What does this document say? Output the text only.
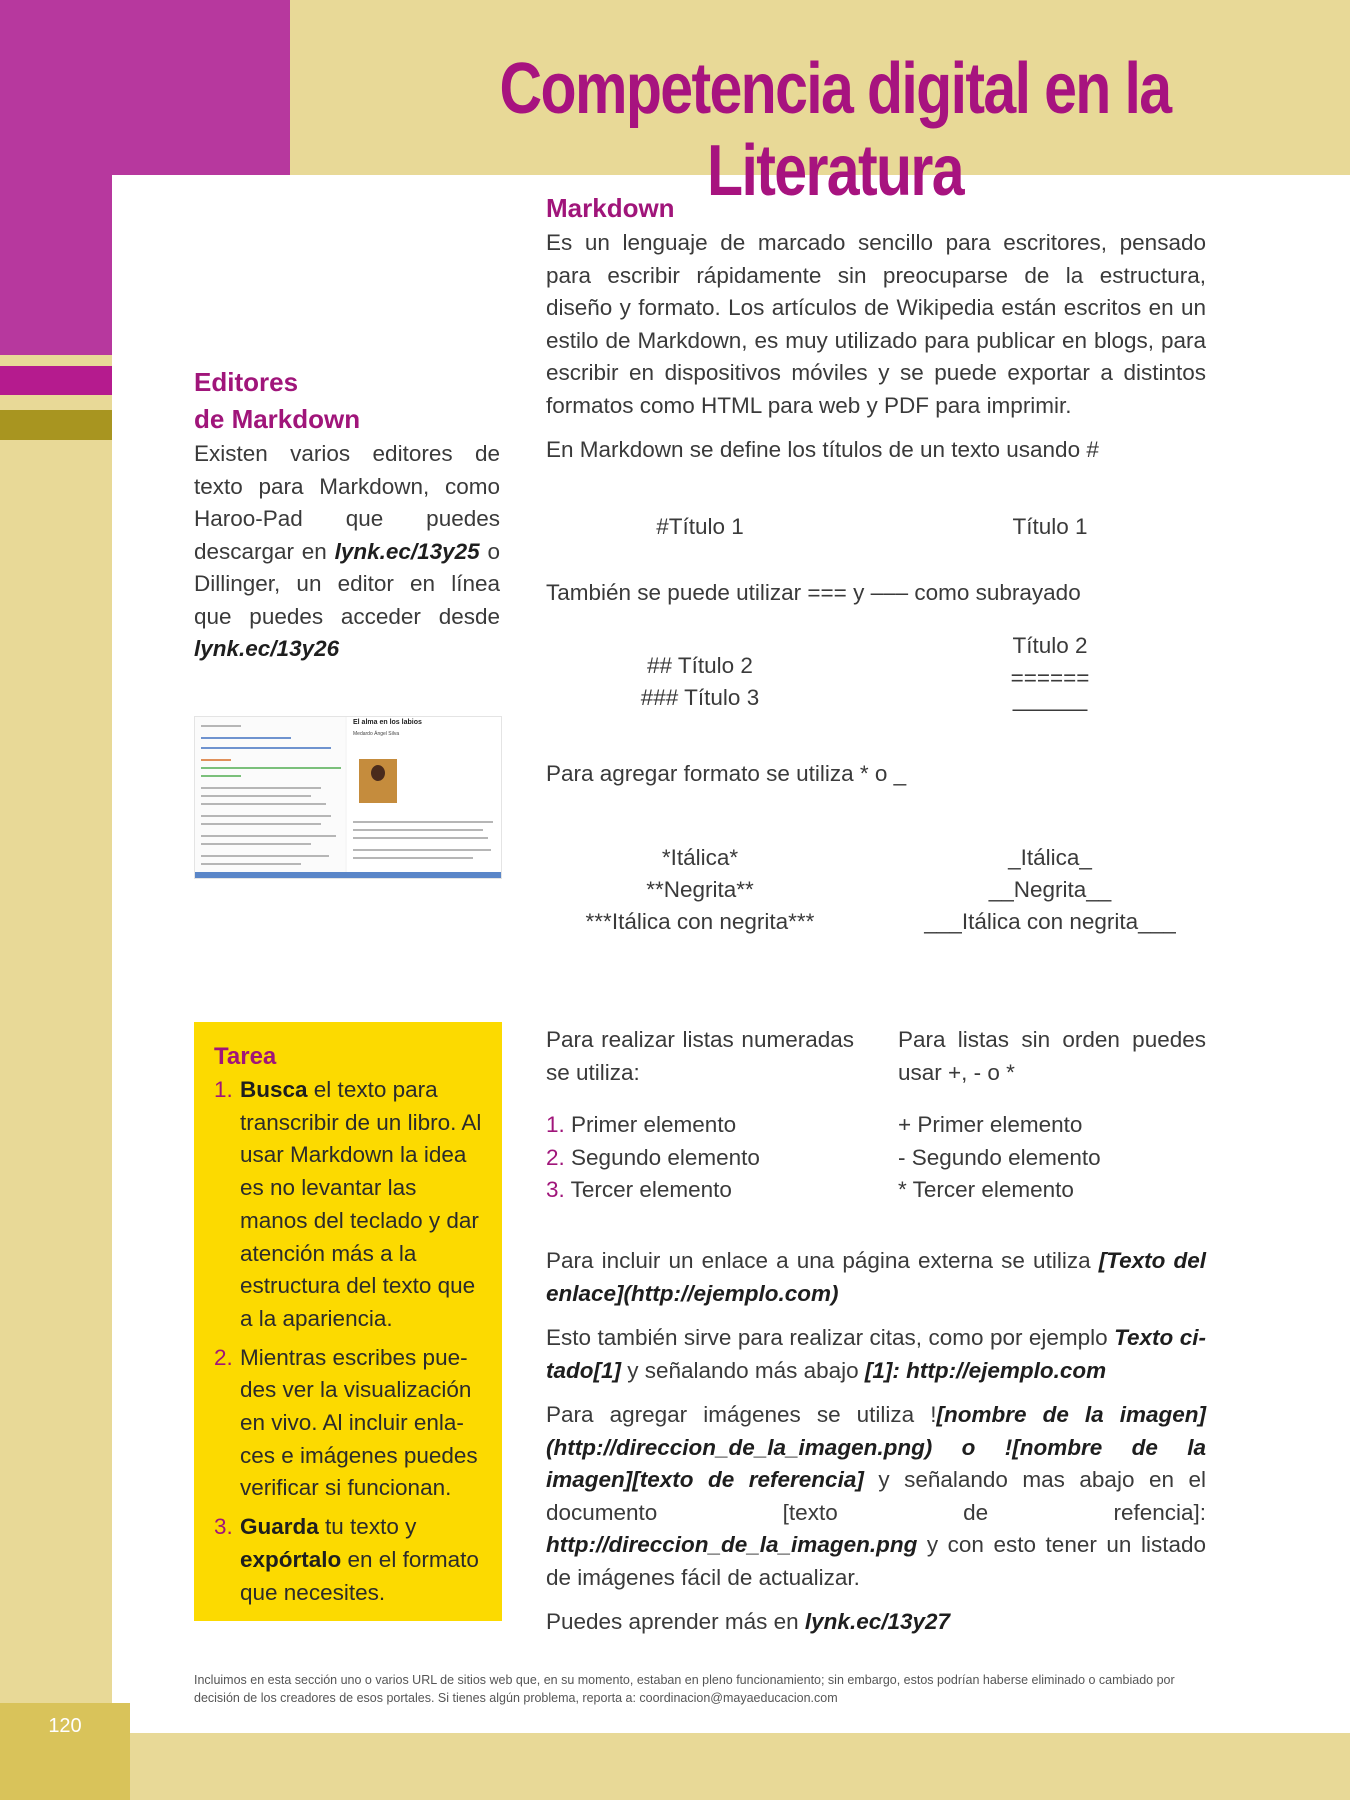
120
Competencia digital en la Literatura
Editores
de Markdown

Existen varios editores de texto para Markdown, como Haroo-Pad que puedes descargar en lynk.ec/13y25 o Dillinger, un editor en línea que puedes acceder desde lynk.ec/13y26

El alma en los labios
Medardo Ángel Silva
Tarea
1. Busca el texto para transcribir de un libro. Al usar Markdown la idea es no levantar las manos del teclado y dar atención más a la estructura del texto que a la apariencia.
2. Mientras escribes pue-des ver la visualización en vivo. Al incluir enla-ces e imágenes puedes verificar si funcionan.
3. Guarda tu texto y expórtalo en el formato que necesites.
Markdown

Es un lenguaje de marcado sencillo para escritores, pensado para escribir rápidamente sin preocuparse de la estructura, diseño y formato. Los artículos de Wikipedia están escritos en un estilo de Markdown, es muy utilizado para publicar en blogs, para escribir en dispositivos móviles y se puede exportar a distintos formatos como HTML para web y PDF para imprimir.

En Markdown se define los títulos de un texto usando #

#Título 1	Título 1
También se puede utilizar === y ––– como subrayado
## Título 2
### Título 3
Título 2
======
––––––
Para agregar formato se utiliza * o _
*Itálica*
**Negrita**
***Itálica con negrita***
_Itálica_
__Negrita__
___Itálica con negrita___

Para realizar listas numeradas se utiliza:

1. Primer elemento
2. Segundo elemento
3. Tercer elemento

Para listas sin orden puedes usar +, - o *

+ Primer elemento
- Segundo elemento
* Tercer elemento

Para incluir un enlace a una página externa se utiliza [Texto del enlace](http://ejemplo.com)

Esto también sirve para realizar citas, como por ejemplo Texto ci-tado[1] y señalando más abajo [1]: http://ejemplo.com

Para agregar imágenes se utiliza ![nombre de la imagen](http://direccion_de_la_imagen.png) o ![nombre de la imagen][texto de referencia] y señalando mas abajo en el documento [texto de refencia]: http://direccion_de_la_imagen.png y con esto tener un listado de imágenes fácil de actualizar.

Puedes aprender más en lynk.ec/13y27

Incluimos en esta sección uno o varios URL de sitios web que, en su momento, estaban en pleno funcionamiento; sin embargo, estos podrían haberse eliminado o cambiado por decisión de los creadores de esos portales. Si tienes algún problema, reporta a: coordinacion@mayaeducacion.com
